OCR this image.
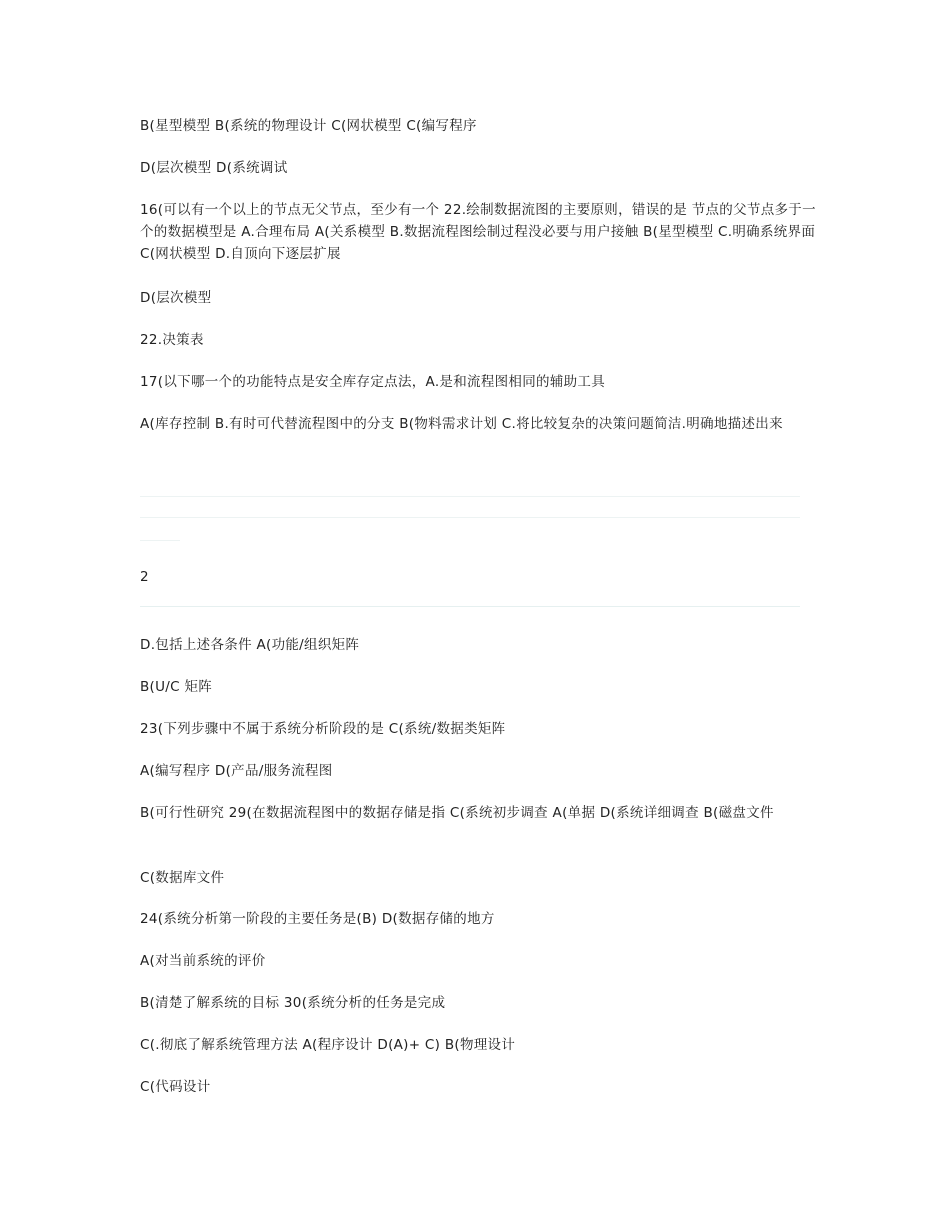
B(星型模型 B(系统的物理设计 C(网状模型 C(编写程序
D(层次模型 D(系统调试
16(可以有一个以上的节点无父节点，至少有一个 22.绘制数据流图的主要原则，错误的是 节点的父节点多于一个的数据模型是 A.合理布局 A(关系模型 B.数据流程图绘制过程没必要与用户接触 B(星型模型 C.明确系统界面 C(网状模型 D.自顶向下逐层扩展
D(层次模型
22.决策表
17(以下哪一个的功能特点是安全库存定点法，A.是和流程图相同的辅助工具
A(库存控制 B.有时可代替流程图中的分支 B(物料需求计划 C.将比较复杂的决策问题简洁.明确地描述出来
2
D.包括上述各条件 A(功能/组织矩阵
B(U/C 矩阵
23(下列步骤中不属于系统分析阶段的是 C(系统/数据类矩阵
A(编写程序 D(产品/服务流程图
B(可行性研究 29(在数据流程图中的数据存储是指 C(系统初步调查 A(单据 D(系统详细调查 B(磁盘文件
C(数据库文件
24(系统分析第一阶段的主要任务是(B) D(数据存储的地方
A(对当前系统的评价
B(清楚了解系统的目标 30(系统分析的任务是完成
C(.彻底了解系统管理方法 A(程序设计 D(A)+ C) B(物理设计
C(代码设计
